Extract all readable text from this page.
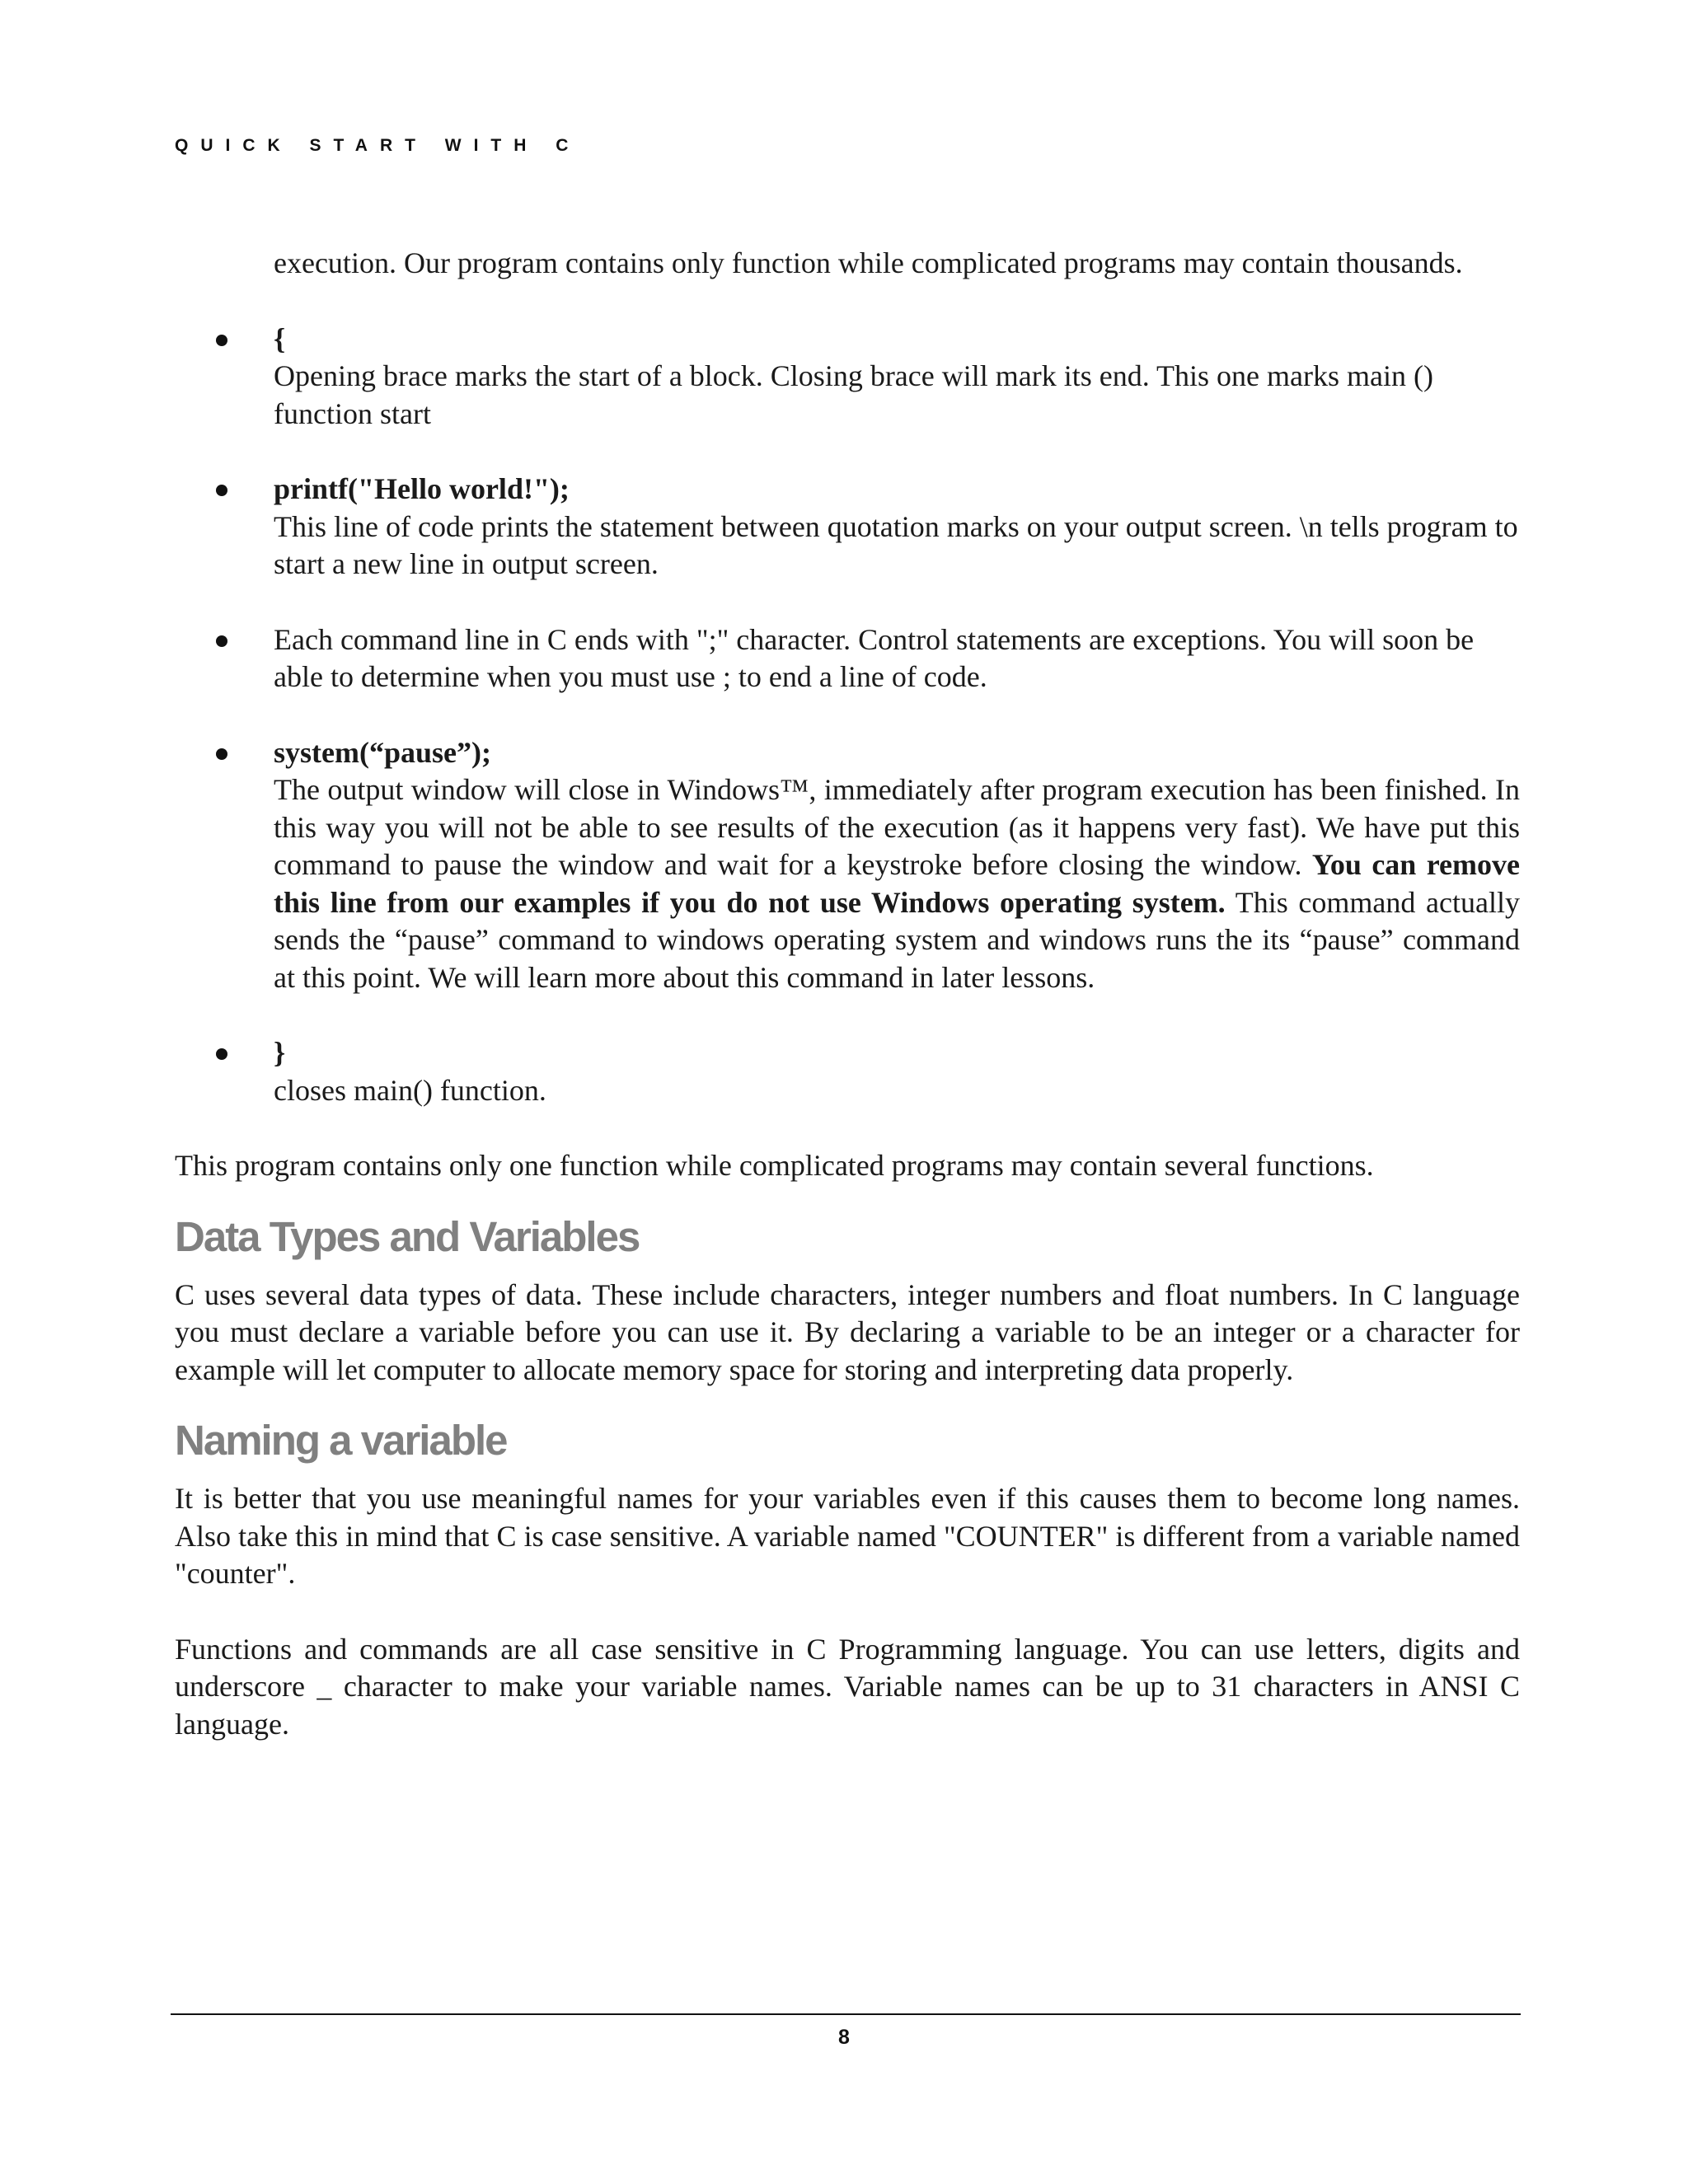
QUICK START WITH C

execution. Our program contains only function while complicated programs may contain thousands.

{

Opening brace marks the start of a block. Closing brace will mark its end. This one marks main () function start

printf("Hello world!");

This line of code prints the statement between quotation marks on your output screen. \n tells program to start a new line in output screen.

Each command line in C ends with ";" character. Control statements are exceptions. You will soon be able to determine when you must use ; to end a line of code.

system(“pause”);

The output window will close in Windows™, immediately after program execution has been finished. In this way you will not be able to see results of the execution (as it happens very fast). We have put this command to pause the window and wait for a keystroke before closing the window. You can remove this line from our examples if you do not use Windows operating system. This command actually sends the “pause” command to windows operating system and windows runs the its “pause” command at this point. We will learn more about this command in later lessons.

}

closes main() function.

This program contains only one function while complicated programs may contain several functions.

Data Types and Variables

C uses several data types of data. These include characters, integer numbers and float numbers. In C language you must declare a variable before you can use it. By declaring a variable to be an integer or a character for example will let computer to allocate memory space for storing and interpreting data properly.

Naming a variable

It is better that you use meaningful names for your variables even if this causes them to become long names. Also take this in mind that C is case sensitive. A variable named "COUNTER" is different from a variable named "counter".

Functions and commands are all case sensitive in C Programming language. You can use letters, digits and underscore _ character to make your variable names. Variable names can be up to 31 characters in ANSI C language.

8
